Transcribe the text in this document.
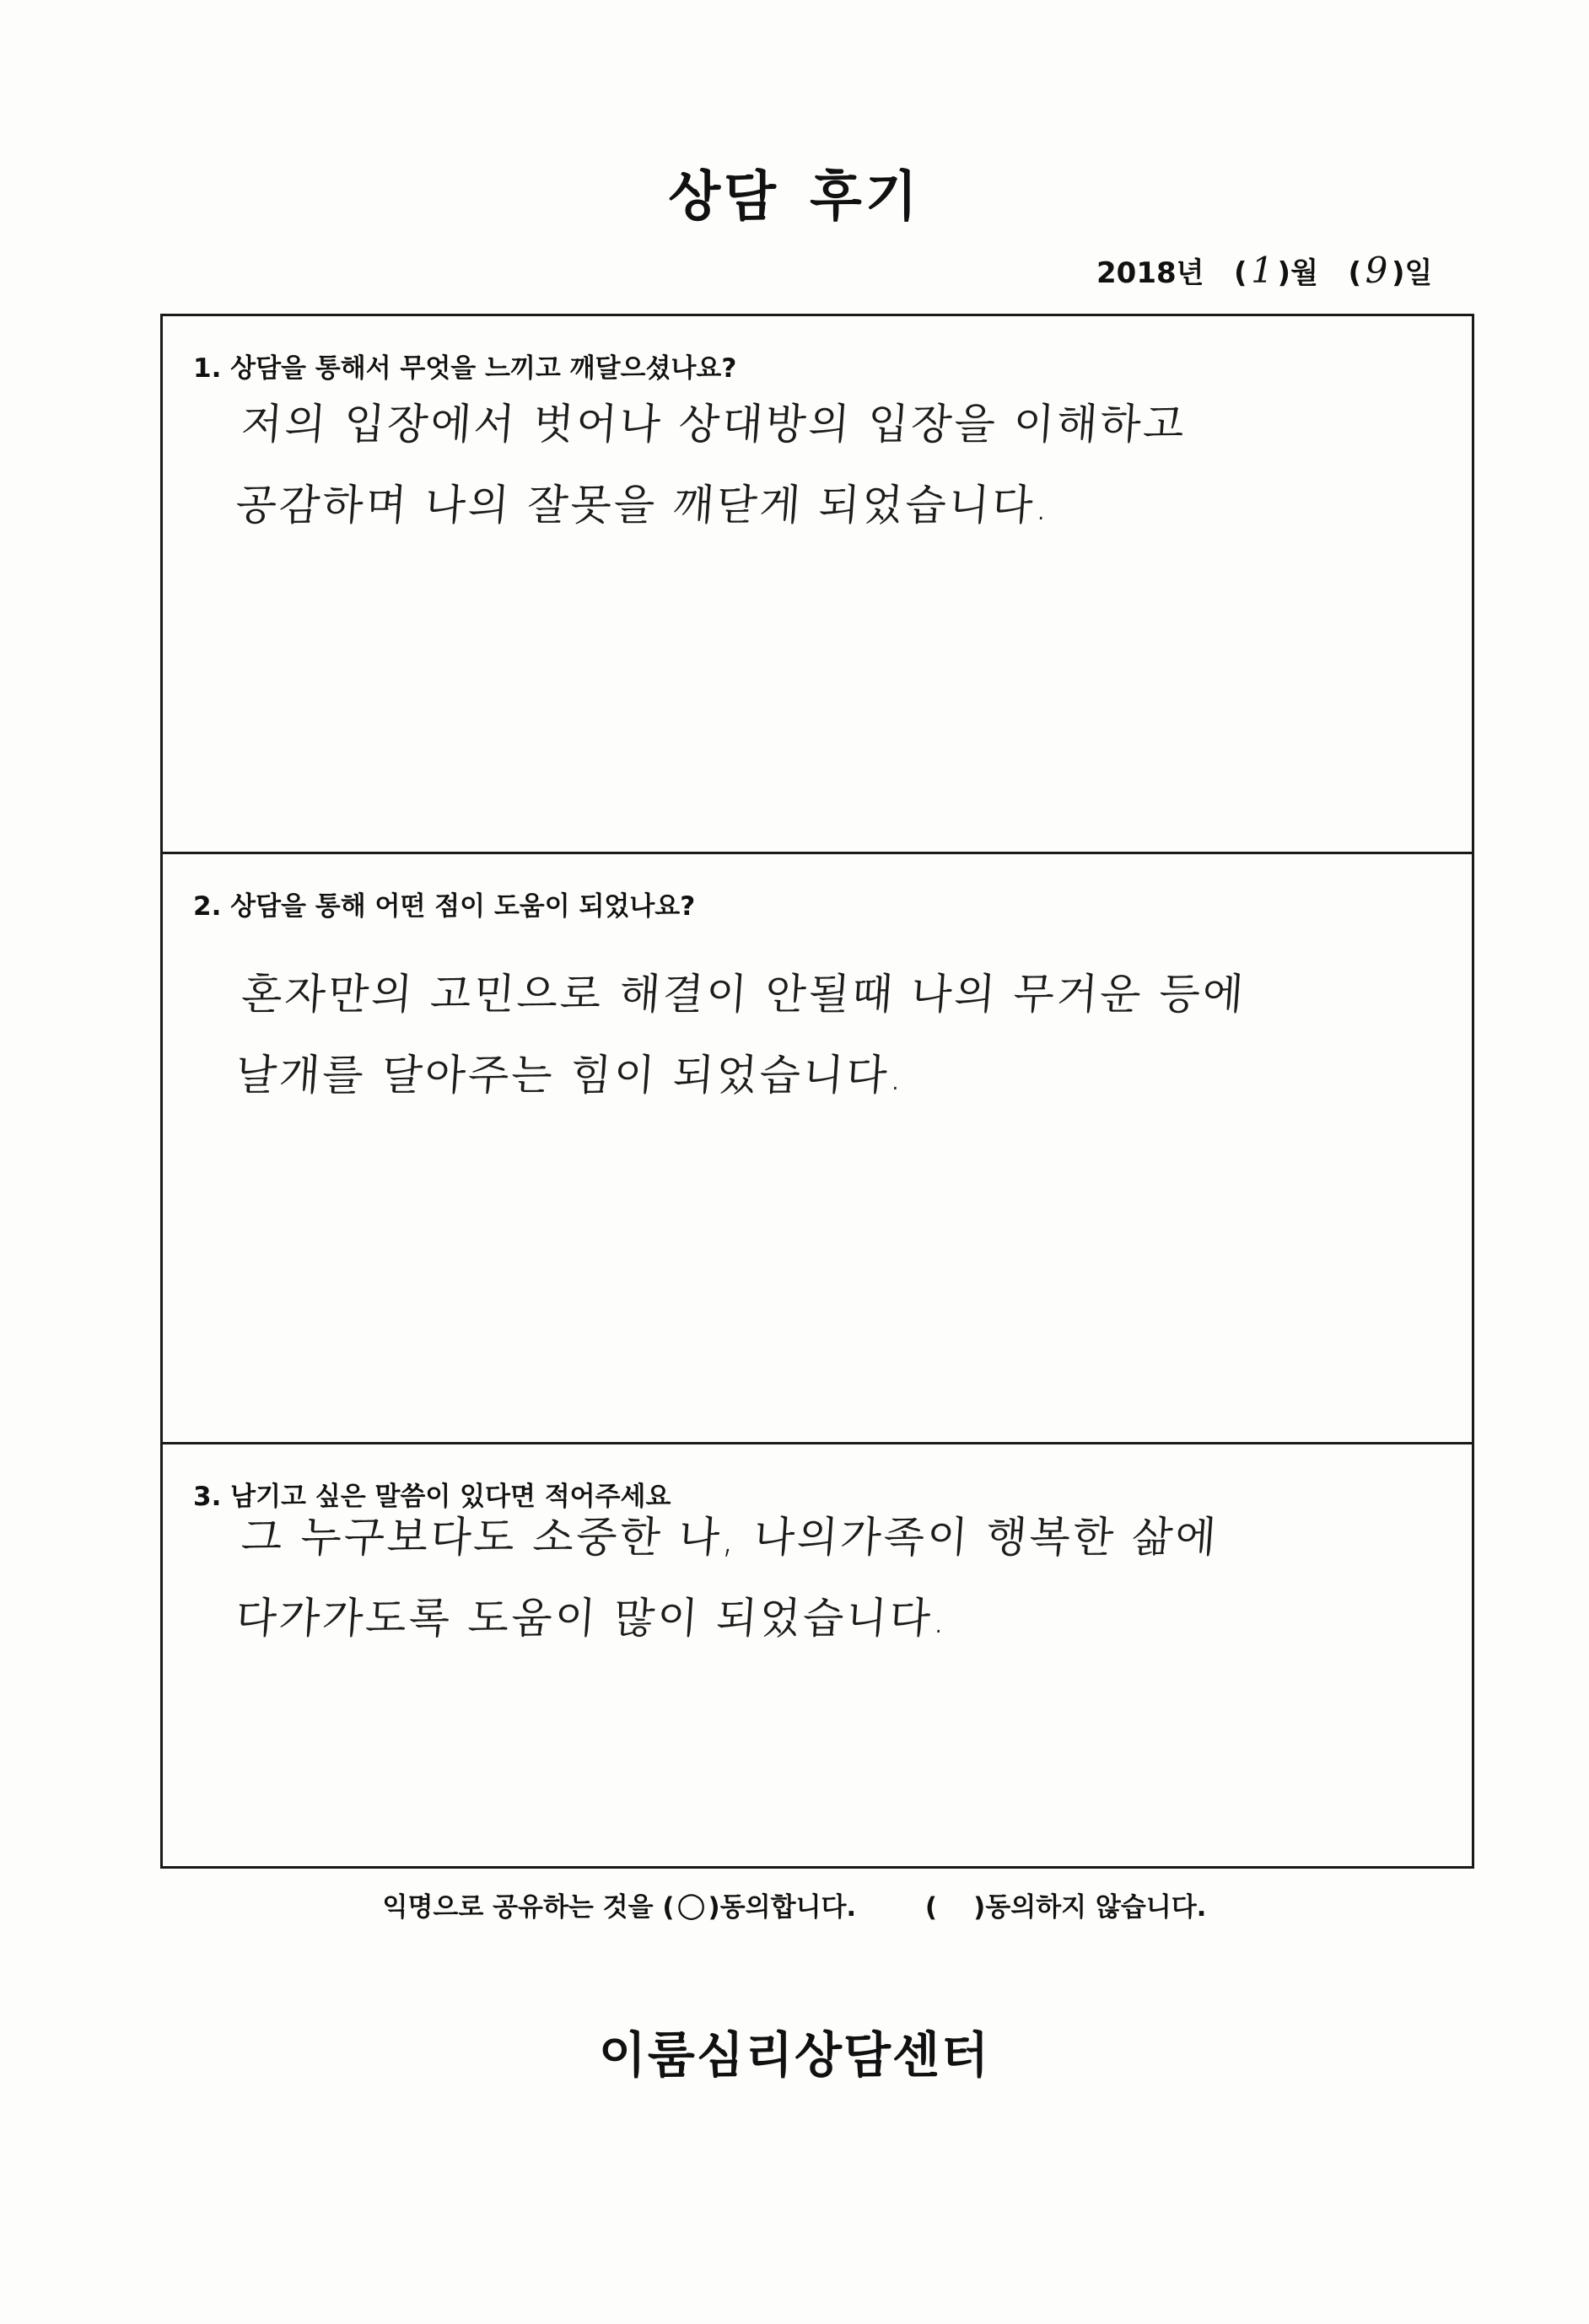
상담 후기
2018년 ( 1 )월 ( 9 )일
1. 상담을 통해서 무엇을 느끼고 깨달으셨나요?
저의 입장에서 벗어나 상대방의 입장을 이해하고
공감하며 나의 잘못을 깨닫게 되었습니다.
2. 상담을 통해 어떤 점이 도움이 되었나요?
혼자만의 고민으로 해결이 안될때 나의 무거운 등에
날개를 달아주는 힘이 되었습니다.
3. 남기고 싶은 말씀이 있다면 적어주세요
그 누구보다도 소중한 나, 나의가족이 행복한 삶에
다가가도록 도움이 많이 되었습니다.
익명으로 공유하는 것을 (○)동의합니다.	( )동의하지 않습니다.
이룸심리상담센터
